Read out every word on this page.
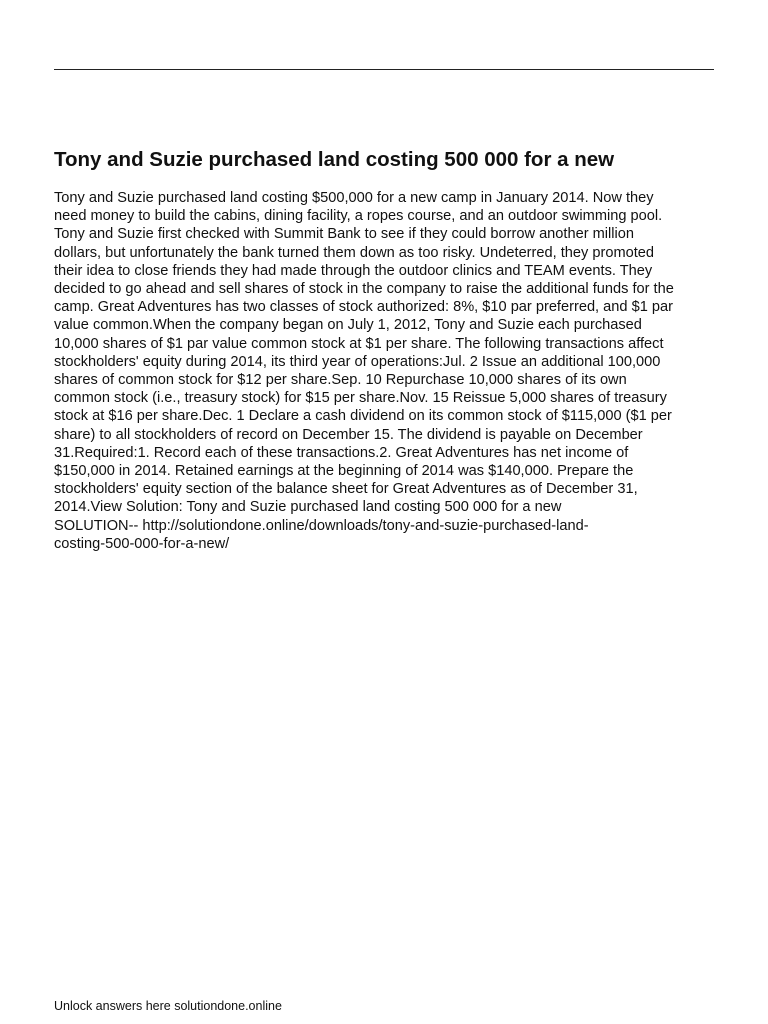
Tony and Suzie purchased land costing 500 000 for a new
Tony and Suzie purchased land costing $500,000 for a new camp in January 2014. Now they
need money to build the cabins, dining facility, a ropes course, and an outdoor swimming pool.
Tony and Suzie first checked with Summit Bank to see if they could borrow another million
dollars, but unfortunately the bank turned them down as too risky. Undeterred, they promoted
their idea to close friends they had made through the outdoor clinics and TEAM events. They
decided to go ahead and sell shares of stock in the company to raise the additional funds for the
camp. Great Adventures has two classes of stock authorized: 8%, $10 par preferred, and $1 par
value common.When the company began on July 1, 2012, Tony and Suzie each purchased
10,000 shares of $1 par value common stock at $1 per share. The following transactions affect
stockholders' equity during 2014, its third year of operations:Jul. 2 Issue an additional 100,000
shares of common stock for $12 per share.Sep. 10 Repurchase 10,000 shares of its own
common stock (i.e., treasury stock) for $15 per share.Nov. 15 Reissue 5,000 shares of treasury
stock at $16 per share.Dec. 1 Declare a cash dividend on its common stock of $115,000 ($1 per
share) to all stockholders of record on December 15. The dividend is payable on December
31.Required:1. Record each of these transactions.2. Great Adventures has net income of
$150,000 in 2014. Retained earnings at the beginning of 2014 was $140,000. Prepare the
stockholders' equity section of the balance sheet for Great Adventures as of December 31,
2014.View Solution: Tony and Suzie purchased land costing 500 000 for a new
SOLUTION-- http://solutiondone.online/downloads/tony-and-suzie-purchased-land-
costing-500-000-for-a-new/

Unlock answers here solutiondone.online
